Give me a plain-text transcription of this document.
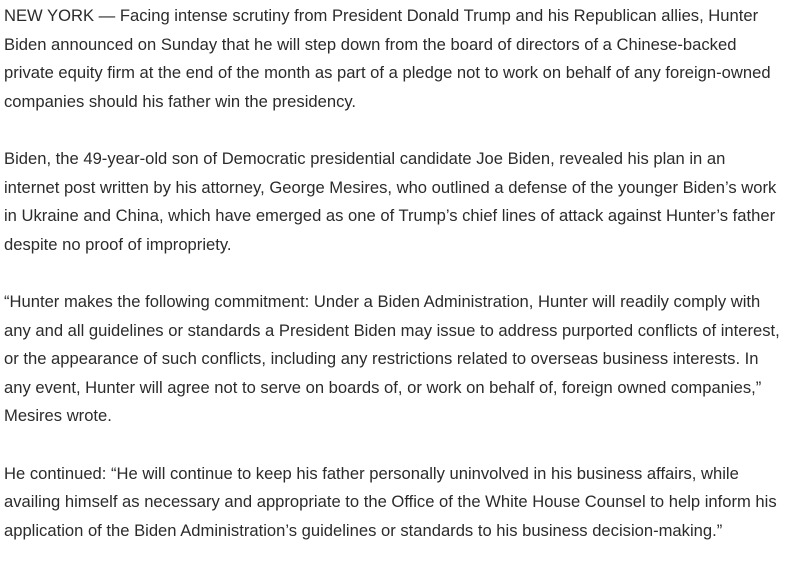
NEW YORK — Facing intense scrutiny from President Donald Trump and his Republican allies, Hunter Biden announced on Sunday that he will step down from the board of directors of a Chinese-backed private equity firm at the end of the month as part of a pledge not to work on behalf of any foreign-owned companies should his father win the presidency.

Biden, the 49-year-old son of Democratic presidential candidate Joe Biden, revealed his plan in an internet post written by his attorney, George Mesires, who outlined a defense of the younger Biden’s work in Ukraine and China, which have emerged as one of Trump’s chief lines of attack against Hunter’s father despite no proof of impropriety.

“Hunter makes the following commitment: Under a Biden Administration, Hunter will readily comply with any and all guidelines or standards a President Biden may issue to address purported conflicts of interest, or the appearance of such conflicts, including any restrictions related to overseas business interests. In any event, Hunter will agree not to serve on boards of, or work on behalf of, foreign owned companies,” Mesires wrote.

He continued: “He will continue to keep his father personally uninvolved in his business affairs, while availing himself as necessary and appropriate to the Office of the White House Counsel to help inform his application of the Biden Administration’s guidelines or standards to his business decision-making.”
